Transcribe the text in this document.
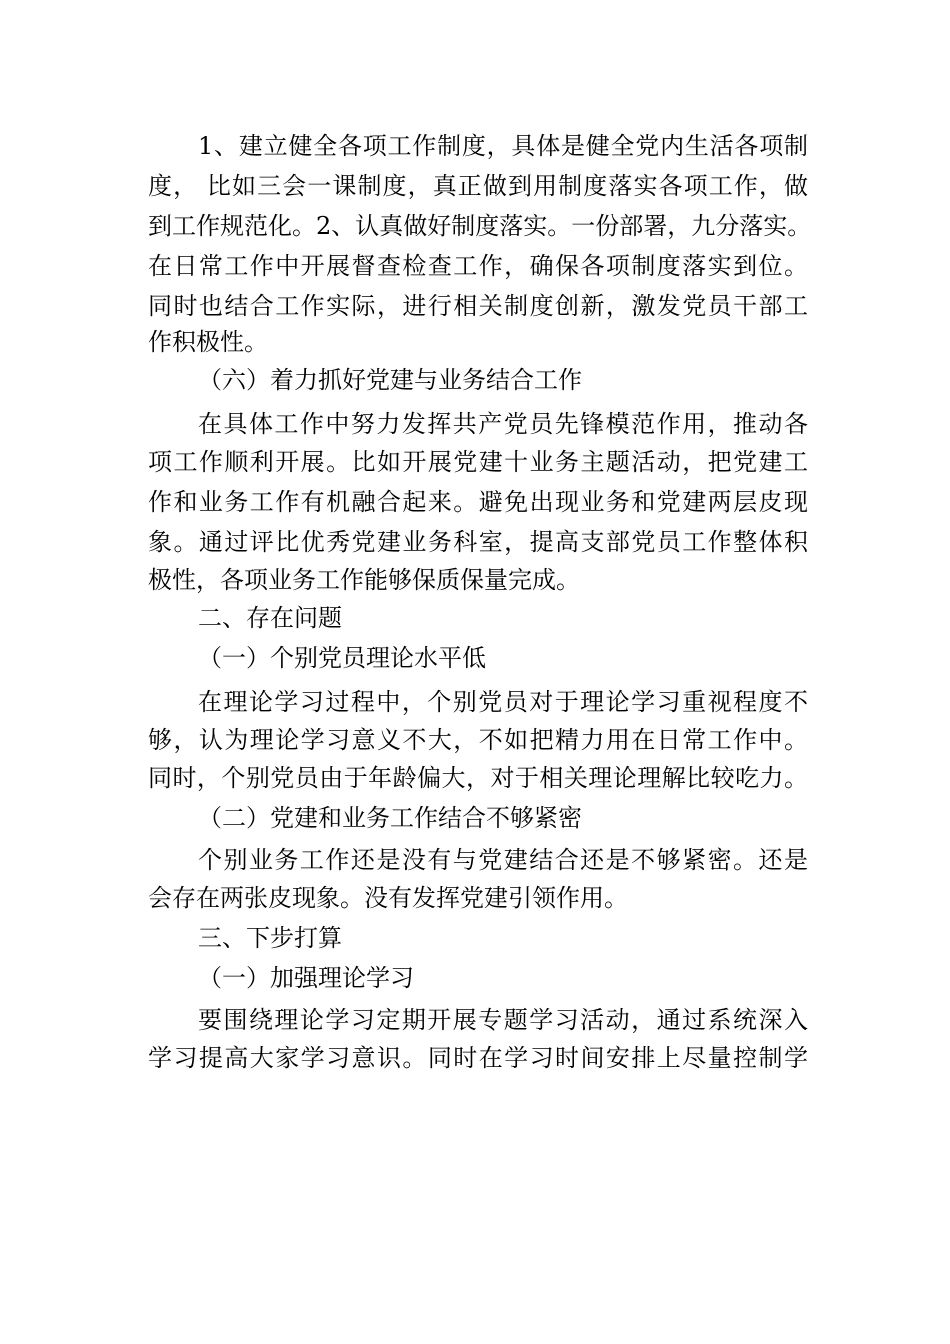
1、建立健全各项工作制度，具体是健全党内生活各项制
度， 比如三会一课制度，真正做到用制度落实各项工作，做
到工作规范化。2、认真做好制度落实。一份部署，九分落实。
在日常工作中开展督查检查工作，确保各项制度落实到位。
同时也结合工作实际，进行相关制度创新，激发党员干部工
作积极性。
（六）着力抓好党建与业务结合工作
在具体工作中努力发挥共产党员先锋模范作用，推动各
项工作顺利开展。比如开展党建十业务主题活动，把党建工
作和业务工作有机融合起来。避免出现业务和党建两层皮现
象。通过评比优秀党建业务科室，提高支部党员工作整体积
极性，各项业务工作能够保质保量完成。
二、存在问题
（一）个别党员理论水平低
在理论学习过程中，个别党员对于理论学习重视程度不
够，认为理论学习意义不大，不如把精力用在日常工作中。
同时，个别党员由于年龄偏大，对于相关理论理解比较吃力。
（二）党建和业务工作结合不够紧密
个别业务工作还是没有与党建结合还是不够紧密。还是
会存在两张皮现象。没有发挥党建引领作用。
三、下步打算
（一）加强理论学习
要围绕理论学习定期开展专题学习活动，通过系统深入
学习提高大家学习意识。同时在学习时间安排上尽量控制学
